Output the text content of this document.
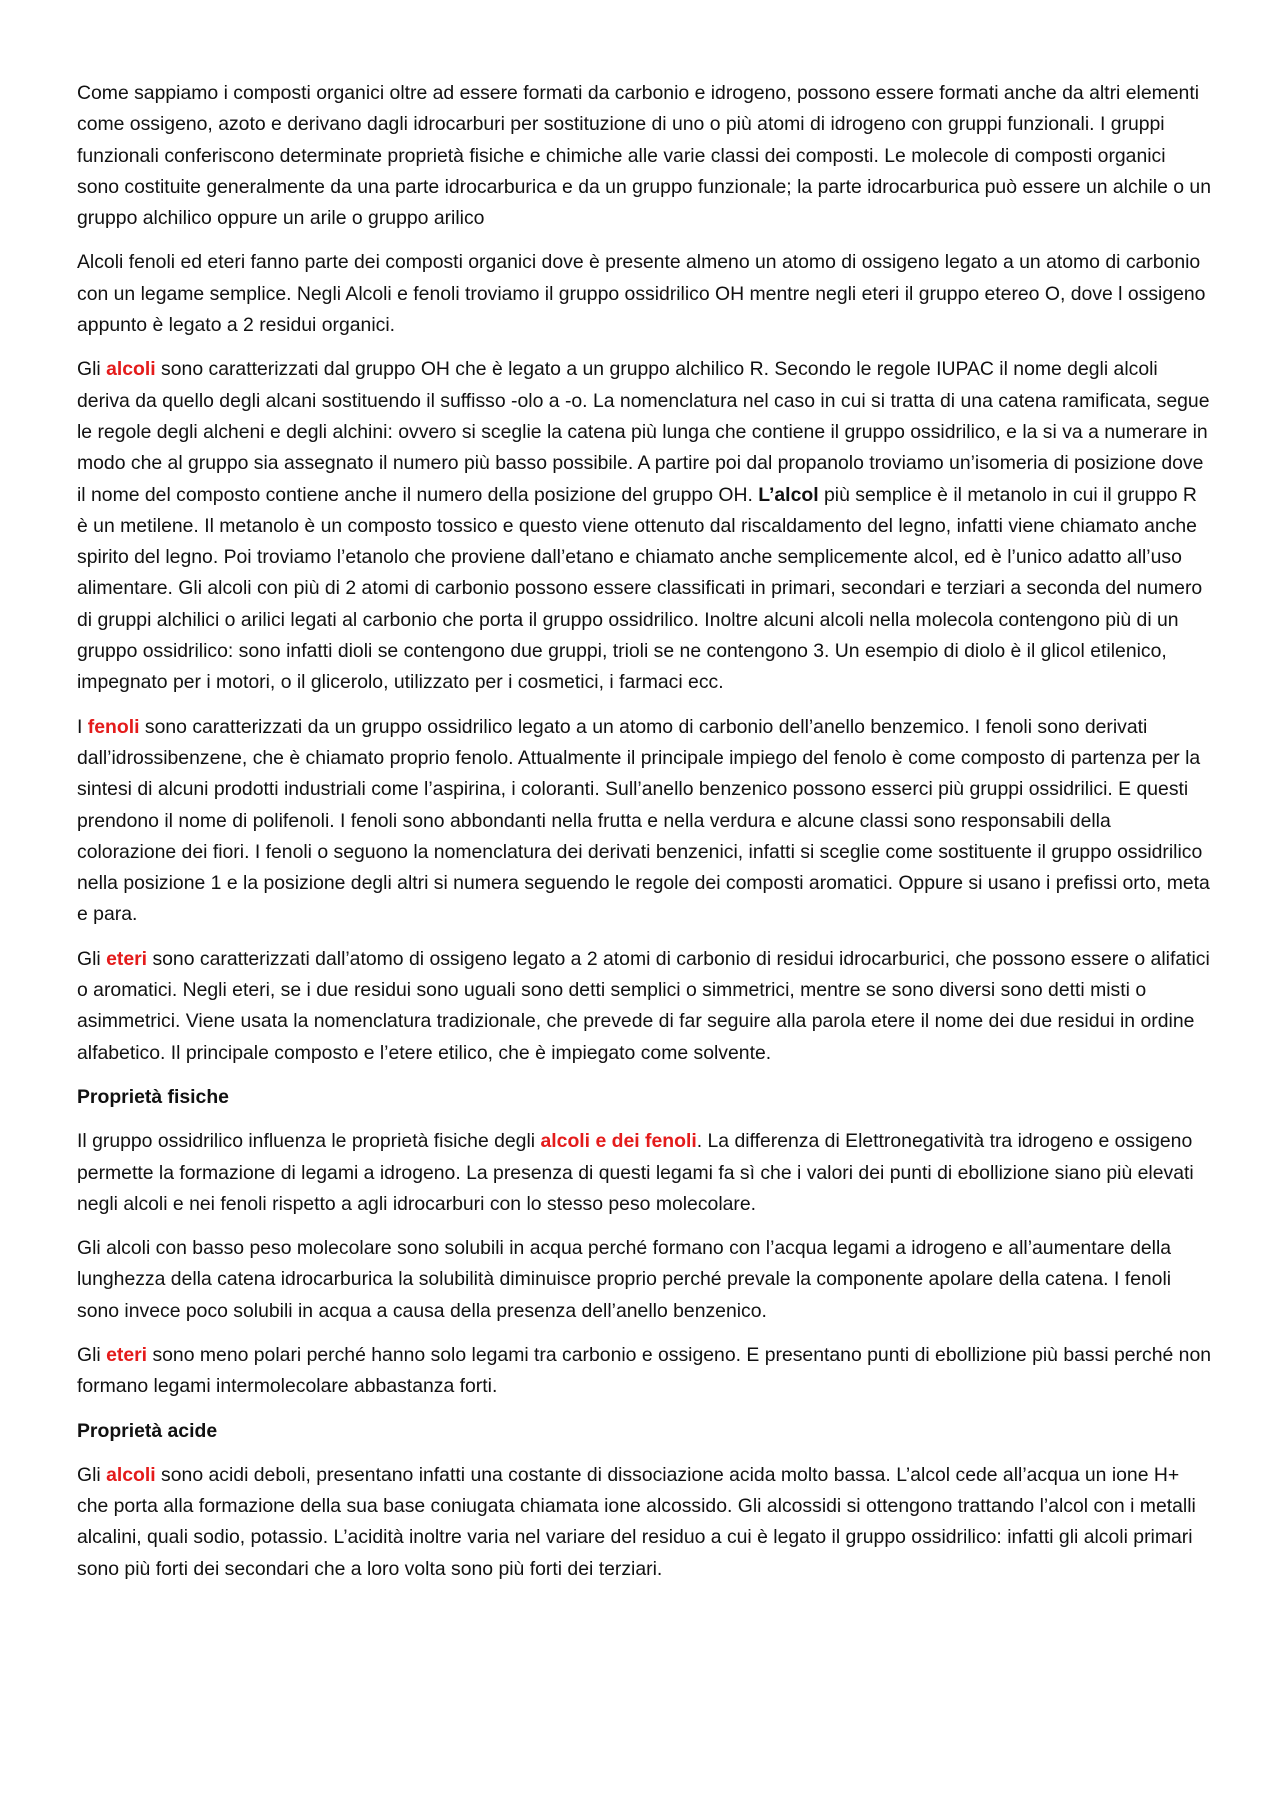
Come sappiamo i composti organici oltre ad essere formati da carbonio e idrogeno, possono essere formati anche da altri elementi come ossigeno, azoto e derivano dagli idrocarburi per sostituzione di uno o più atomi di idrogeno con gruppi funzionali. I gruppi funzionali conferiscono determinate proprietà fisiche e chimiche alle varie classi dei composti. Le molecole di composti organici sono costituite generalmente da una parte idrocarburica e da un gruppo funzionale; la parte idrocarburica può essere un alchile o un gruppo alchilico oppure un arile o gruppo arilico

Alcoli fenoli ed eteri fanno parte dei composti organici dove è presente almeno un atomo di ossigeno legato a un atomo di carbonio con un legame semplice. Negli Alcoli e fenoli troviamo il gruppo ossidrilico OH mentre negli eteri il gruppo etereo O, dove l ossigeno appunto è legato a 2 residui organici.

Gli alcoli sono caratterizzati dal gruppo OH che è legato a un gruppo alchilico R. Secondo le regole IUPAC il nome degli alcoli deriva da quello degli alcani sostituendo il suffisso -olo a -o. La nomenclatura nel caso in cui si tratta di una catena ramificata, segue le regole degli alcheni e degli alchini: ovvero si sceglie la catena più lunga che contiene il gruppo ossidrilico, e la si va a numerare in modo che al gruppo sia assegnato il numero più basso possibile. A partire poi dal propanolo troviamo un’isomeria di posizione dove il nome del composto contiene anche il numero della posizione del gruppo OH. L’alcol più semplice è il metanolo in cui il gruppo R è un metilene. Il metanolo è un composto tossico e questo viene ottenuto dal riscaldamento del legno, infatti viene chiamato anche spirito del legno. Poi troviamo l’etanolo che proviene dall’etano e chiamato anche semplicemente alcol, ed è l’unico adatto all’uso alimentare. Gli alcoli con più di 2 atomi di carbonio possono essere classificati in primari, secondari e terziari a seconda del numero di gruppi alchilici o arilici legati al carbonio che porta il gruppo ossidrilico. Inoltre alcuni alcoli nella molecola contengono più di un gruppo ossidrilico: sono infatti dioli se contengono due gruppi, trioli se ne contengono 3. Un esempio di diolo è il glicol etilenico, impegnato per i motori, o il glicerolo, utilizzato per i cosmetici, i farmaci ecc.

I fenoli sono caratterizzati da un gruppo ossidrilico legato a un atomo di carbonio dell’anello benzemico. I fenoli sono derivati dall’idrossibenzene, che è chiamato proprio fenolo. Attualmente il principale impiego del fenolo è come composto di partenza per la sintesi di alcuni prodotti industriali come l’aspirina, i coloranti. Sull’anello benzenico possono esserci più gruppi ossidrilici. E questi prendono il nome di polifenoli. I fenoli sono abbondanti nella frutta e nella verdura e alcune classi sono responsabili della colorazione dei fiori. I fenoli o seguono la nomenclatura dei derivati benzenici, infatti si sceglie come sostituente il gruppo ossidrilico nella posizione 1 e la posizione degli altri si numera seguendo le regole dei composti aromatici. Oppure si usano i prefissi orto, meta e para.

Gli eteri sono caratterizzati dall’atomo di ossigeno legato a 2 atomi di carbonio di residui idrocarburici, che possono essere o alifatici o aromatici. Negli eteri, se i due residui sono uguali sono detti semplici o simmetrici, mentre se sono diversi sono detti misti o asimmetrici. Viene usata la nomenclatura tradizionale, che prevede di far seguire alla parola etere il nome dei due residui in ordine alfabetico. Il principale composto e l’etere etilico, che è impiegato come solvente.

Proprietà fisiche

Il gruppo ossidrilico influenza le proprietà fisiche degli alcoli e dei fenoli. La differenza di Elettronegatività tra idrogeno e ossigeno permette la formazione di legami a idrogeno. La presenza di questi legami fa sì che i valori dei punti di ebollizione siano più elevati negli alcoli e nei fenoli rispetto a agli idrocarburi con lo stesso peso molecolare.

Gli alcoli con basso peso molecolare sono solubili in acqua perché formano con l’acqua legami a idrogeno e all’aumentare della lunghezza della catena idrocarburica la solubilità diminuisce proprio perché prevale la componente apolare della catena. I fenoli sono invece poco solubili in acqua a causa della presenza dell’anello benzenico.

Gli eteri sono meno polari perché hanno solo legami tra carbonio e ossigeno. E presentano punti di ebollizione più bassi perché non formano legami intermolecolare abbastanza forti.

Proprietà acide

Gli alcoli sono acidi deboli, presentano infatti una costante di dissociazione acida molto bassa. L’alcol cede all’acqua un ione H+ che porta alla formazione della sua base coniugata chiamata ione alcossido. Gli alcossidi si ottengono trattando l’alcol con i metalli alcalini, quali sodio, potassio. L’acidità inoltre varia nel variare del residuo a cui è legato il gruppo ossidrilico: infatti gli alcoli primari sono più forti dei secondari che a loro volta sono più forti dei terziari.
